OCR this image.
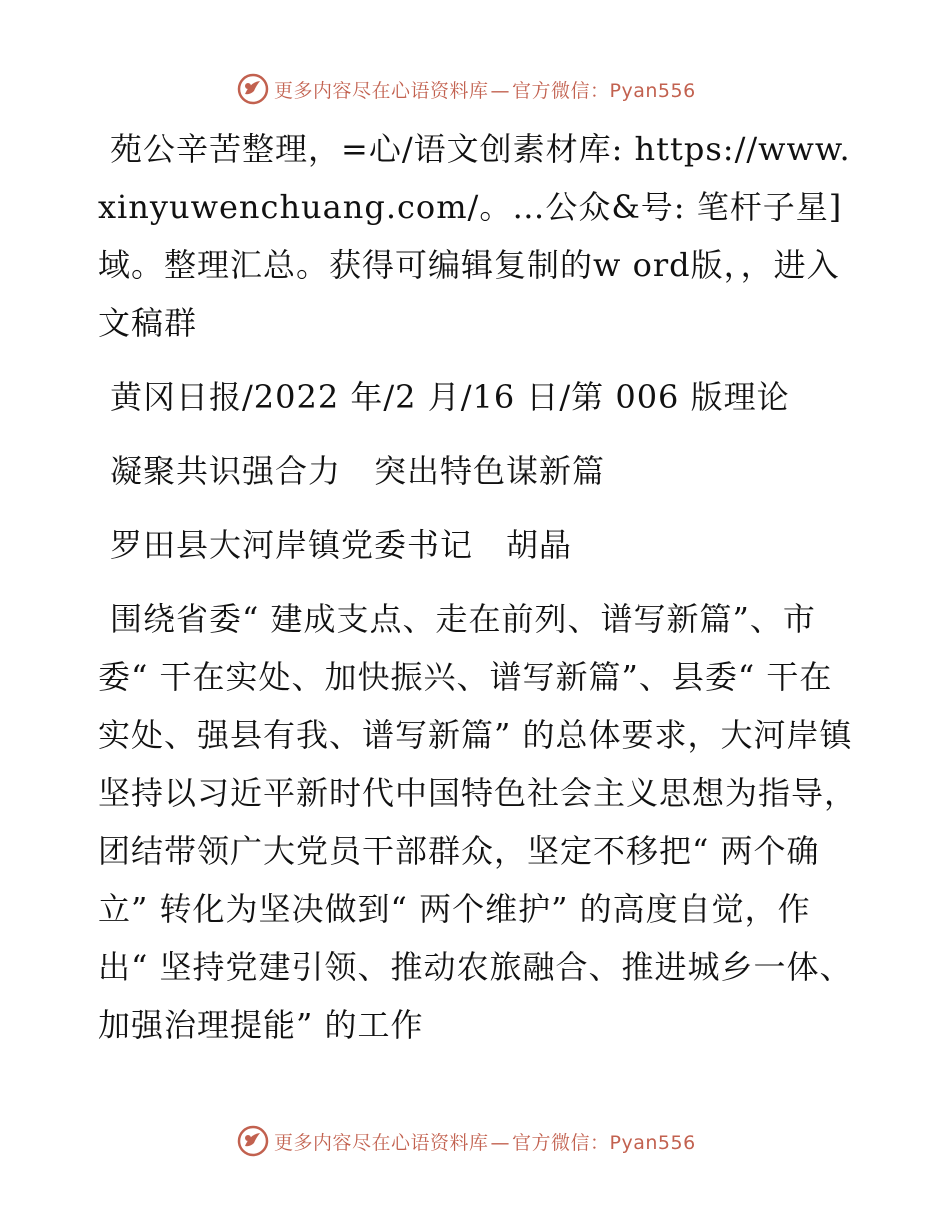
更多内容尽在心语资料库 — 官方微信：Pyan556

苑公辛苦整理，=心/语文创素材库: https://www.xinyuwenchuang.com/。…公众&号: 笔杆子星]域。整理汇总。获得可编辑复制的w ord版，，进入文稿群

黄冈日报/2022 年/2 月/16 日/第 006 版理论

凝聚共识强合力　突出特色谋新篇

罗田县大河岸镇党委书记　胡晶

围绕省委“ 建成支点、走在前列、谱写新篇”、市委“ 干在实处、加快振兴、谱写新篇”、县委“ 干在实处、强县有我、谱写新篇” 的总体要求，大河岸镇坚持以习近平新时代中国特色社会主义思想为指导，团结带领广大党员干部群众，坚定不移把“ 两个确立” 转化为坚决做到“ 两个维护” 的高度自觉，作出“ 坚持党建引领、推动农旅融合、推进城乡一体、加强治理提能” 的工作

更多内容尽在心语资料库 — 官方微信：Pyan556
